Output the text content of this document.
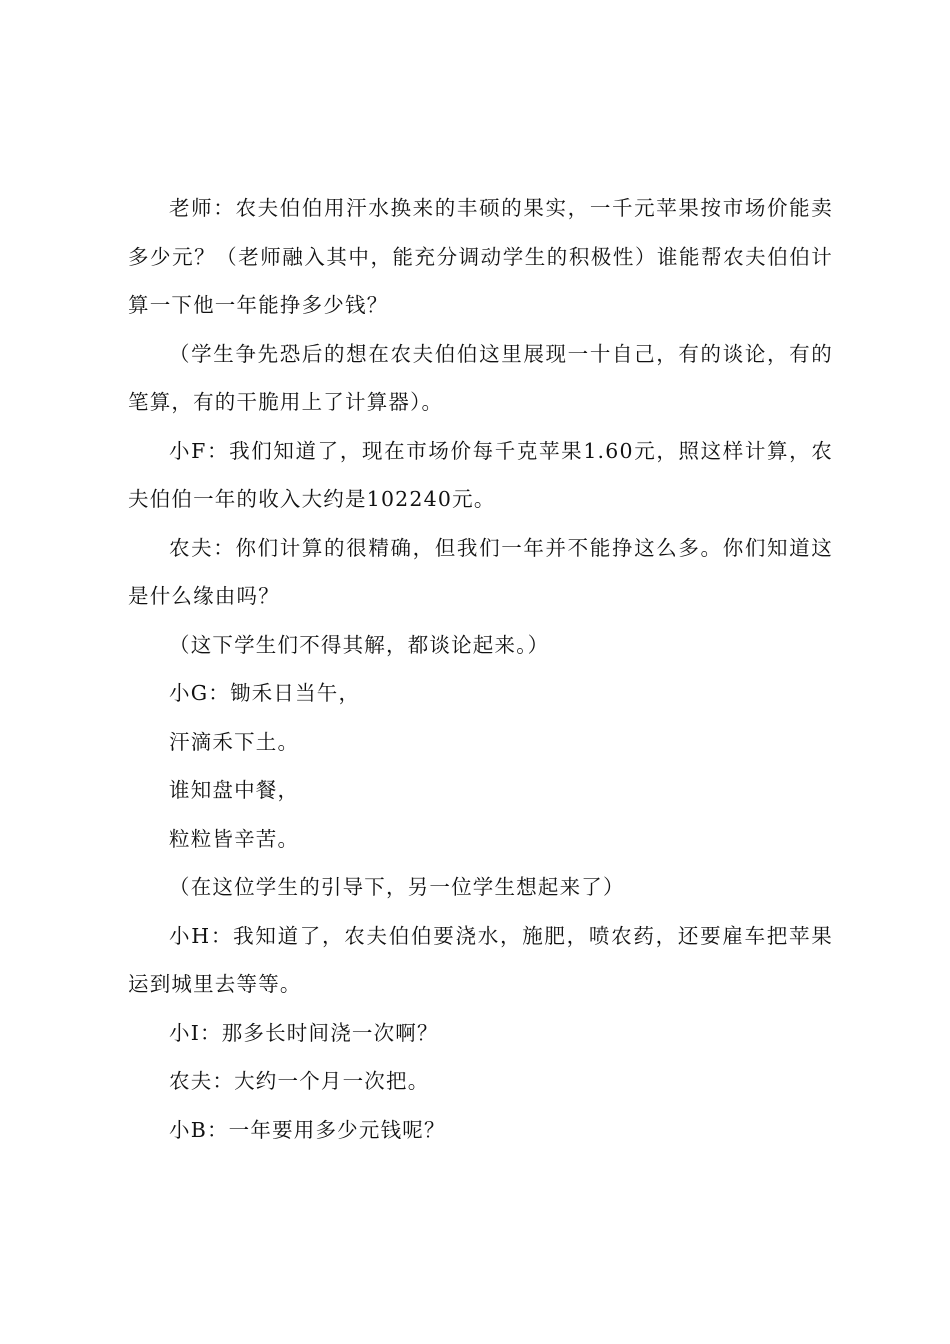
老师：农夫伯伯用汗水换来的丰硕的果实，一千元苹果按市场价能卖多少元？（老师融入其中，能充分调动学生的积极性）谁能帮农夫伯伯计算一下他一年能挣多少钱？

（学生争先恐后的想在农夫伯伯这里展现一十自己，有的谈论，有的笔算，有的干脆用上了计算器）。

小F：我们知道了，现在市场价每千克苹果1.60元，照这样计算，农夫伯伯一年的收入大约是102240元。

农夫：你们计算的很精确，但我们一年并不能挣这么多。你们知道这是什么缘由吗？

（这下学生们不得其解，都谈论起来。）

小G：锄禾日当午，

汗滴禾下土。

谁知盘中餐，

粒粒皆辛苦。

（在这位学生的引导下，另一位学生想起来了）

小H：我知道了，农夫伯伯要浇水，施肥，喷农药，还要雇车把苹果运到城里去等等。

小I：那多长时间浇一次啊？

农夫：大约一个月一次把。

小B：一年要用多少元钱呢？
